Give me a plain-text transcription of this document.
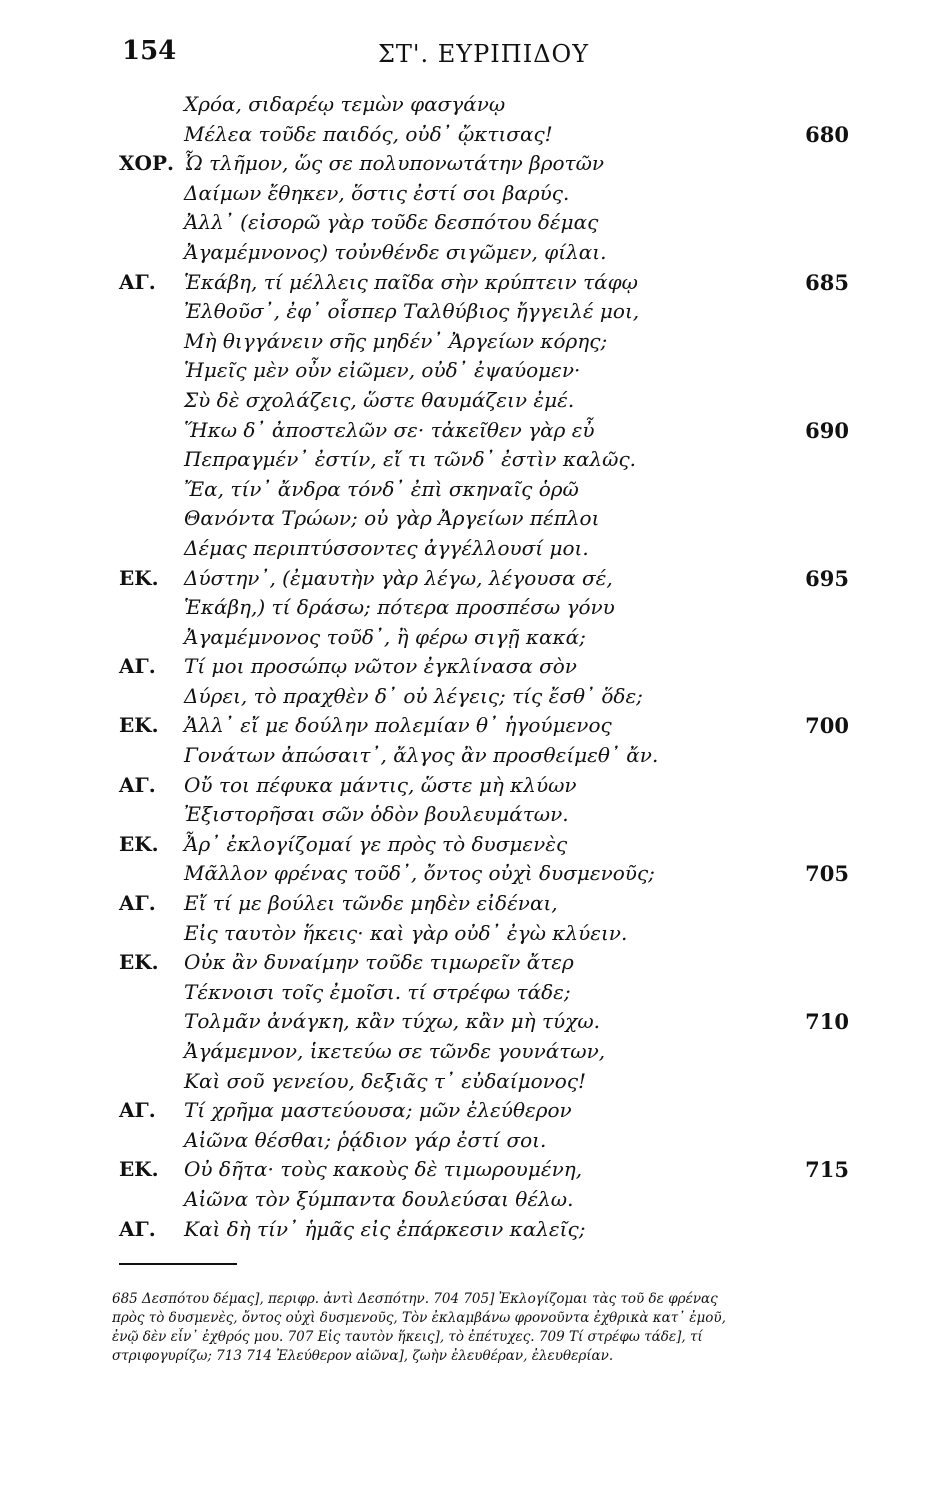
154	ΣΤ'. ΕΥΡΙΠΙΔΟΥ
Χρόα, σιδαρέῳ τεμὼν φασγάνῳ
Μέλεα τοῦδε παιδός, οὐδ᾽ ᾤκτισας!	680
ΧΟΡ. Ὦ τλῆμον, ὥς σε πολυπονωτάτην βροτῶν
Δαίμων ἔθηκεν, ὅστις ἐστί σοι βαρύς.
Ἀλλ᾽ (εἰσορῶ γὰρ τοῦδε δεσπότου δέμας
Ἀγαμέμνονος) τοὐνθένδε σιγῶμεν, φίλαι.
ΑΓ. Ἑκάβη, τί μέλλεις παῖδα σὴν κρύπτειν τάφῳ	685
Ἐλθοῦσ᾽, ἐφ᾽ οἷσπερ Ταλθύβιος ἤγγειλέ μοι,
Μὴ θιγγάνειν σῆς μηδέν᾽ Ἀργείων κόρης;
Ἡμεῖς μὲν οὖν εἰῶμεν, οὐδ᾽ ἐψαύομεν·
Σὺ δὲ σχολάζεις, ὥστε θαυμάζειν ἐμέ.
Ἥκω δ᾽ ἀποστελῶν σε· τἀκεῖθεν γὰρ εὖ	690
Πεπραγμέν᾽ ἐστίν, εἴ τι τῶνδ᾽ ἐστὶν καλῶς.
Ἔα, τίν᾽ ἄνδρα τόνδ᾽ ἐπὶ σκηναῖς ὁρῶ
Θανόντα Τρώων; οὐ γὰρ Ἀργείων πέπλοι
Δέμας περιπτύσσοντες ἀγγέλλουσί μοι.
ΕΚ. Δύστην᾽, (ἐμαυτὴν γὰρ λέγω, λέγουσα σέ,	695
Ἑκάβη,) τί δράσω; πότερα προσπέσω γόνυ
Ἀγαμέμνονος τοῦδ᾽, ἢ φέρω σιγῇ κακά;
ΑΓ. Τί μοι προσώπῳ νῶτον ἐγκλίνασα σὸν
Δύρει, τὸ πραχθὲν δ᾽ οὐ λέγεις; τίς ἔσθ᾽ ὅδε;
ΕΚ. Ἀλλ᾽ εἴ με δούλην πολεμίαν θ᾽ ἡγούμενος	700
Γονάτων ἀπώσαιτ᾽, ἄλγος ἂν προσθείμεθ᾽ ἄν.
ΑΓ. Οὔ τοι πέφυκα μάντις, ὥστε μὴ κλύων
Ἐξιστορῆσαι σῶν ὁδὸν βουλευμάτων.
ΕΚ. Ἆρ᾽ ἐκλογίζομαί γε πρὸς τὸ δυσμενὲς
Μᾶλλον φρένας τοῦδ᾽, ὄντος οὐχὶ δυσμενοῦς;	705
ΑΓ. Εἴ τί με βούλει τῶνδε μηδὲν εἰδέναι,
Εἰς ταυτὸν ἥκεις· καὶ γὰρ οὐδ᾽ ἐγὼ κλύειν.
ΕΚ. Οὐκ ἂν δυναίμην τοῦδε τιμωρεῖν ἄτερ
Τέκνοισι τοῖς ἐμοῖσι. τί στρέφω τάδε;
Τολμᾶν ἀνάγκη, κἂν τύχω, κἂν μὴ τύχω.	710
Ἀγάμεμνον, ἱκετεύω σε τῶνδε γουνάτων,
Καὶ σοῦ γενείου, δεξιᾶς τ᾽ εὐδαίμονος!
ΑΓ. Τί χρῆμα μαστεύουσα; μῶν ἐλεύθερον
Αἰῶνα θέσθαι; ῥᾴδιον γάρ ἐστί σοι.
ΕΚ. Οὐ δῆτα· τοὺς κακοὺς δὲ τιμωρουμένη,	715
Αἰῶνα τὸν ξύμπαντα δουλεύσαι θέλω.
ΑΓ. Καὶ δὴ τίν᾽ ἡμᾶς εἰς ἐπάρκεσιν καλεῖς;
685 Δεσπότου δέμας], περιφρ. ἀντὶ Δεσπότην. 704 705] Ἐκλογίζομαι τὰς τοῦ δε φρένας
πρὸς τὸ δυσμενὲς, ὄντος οὐχὶ δυσμενοῦς, Τὸν ἐκλαμβάνω φρονοῦντα ἐχθρικὰ κατ᾽ ἐμοῦ,
ἐνῷ δὲν εἶν᾽ ἐχθρός μου. 707 Εἰς ταυτὸν ἥκεις], τὸ ἐπέτυχες. 709 Τί στρέφω τάδε], τί
στριφογυρίζω; 713 714 Ἐλεύθερον αἰῶνα], ζωὴν ἐλευθέραν, ἐλευθερίαν.
